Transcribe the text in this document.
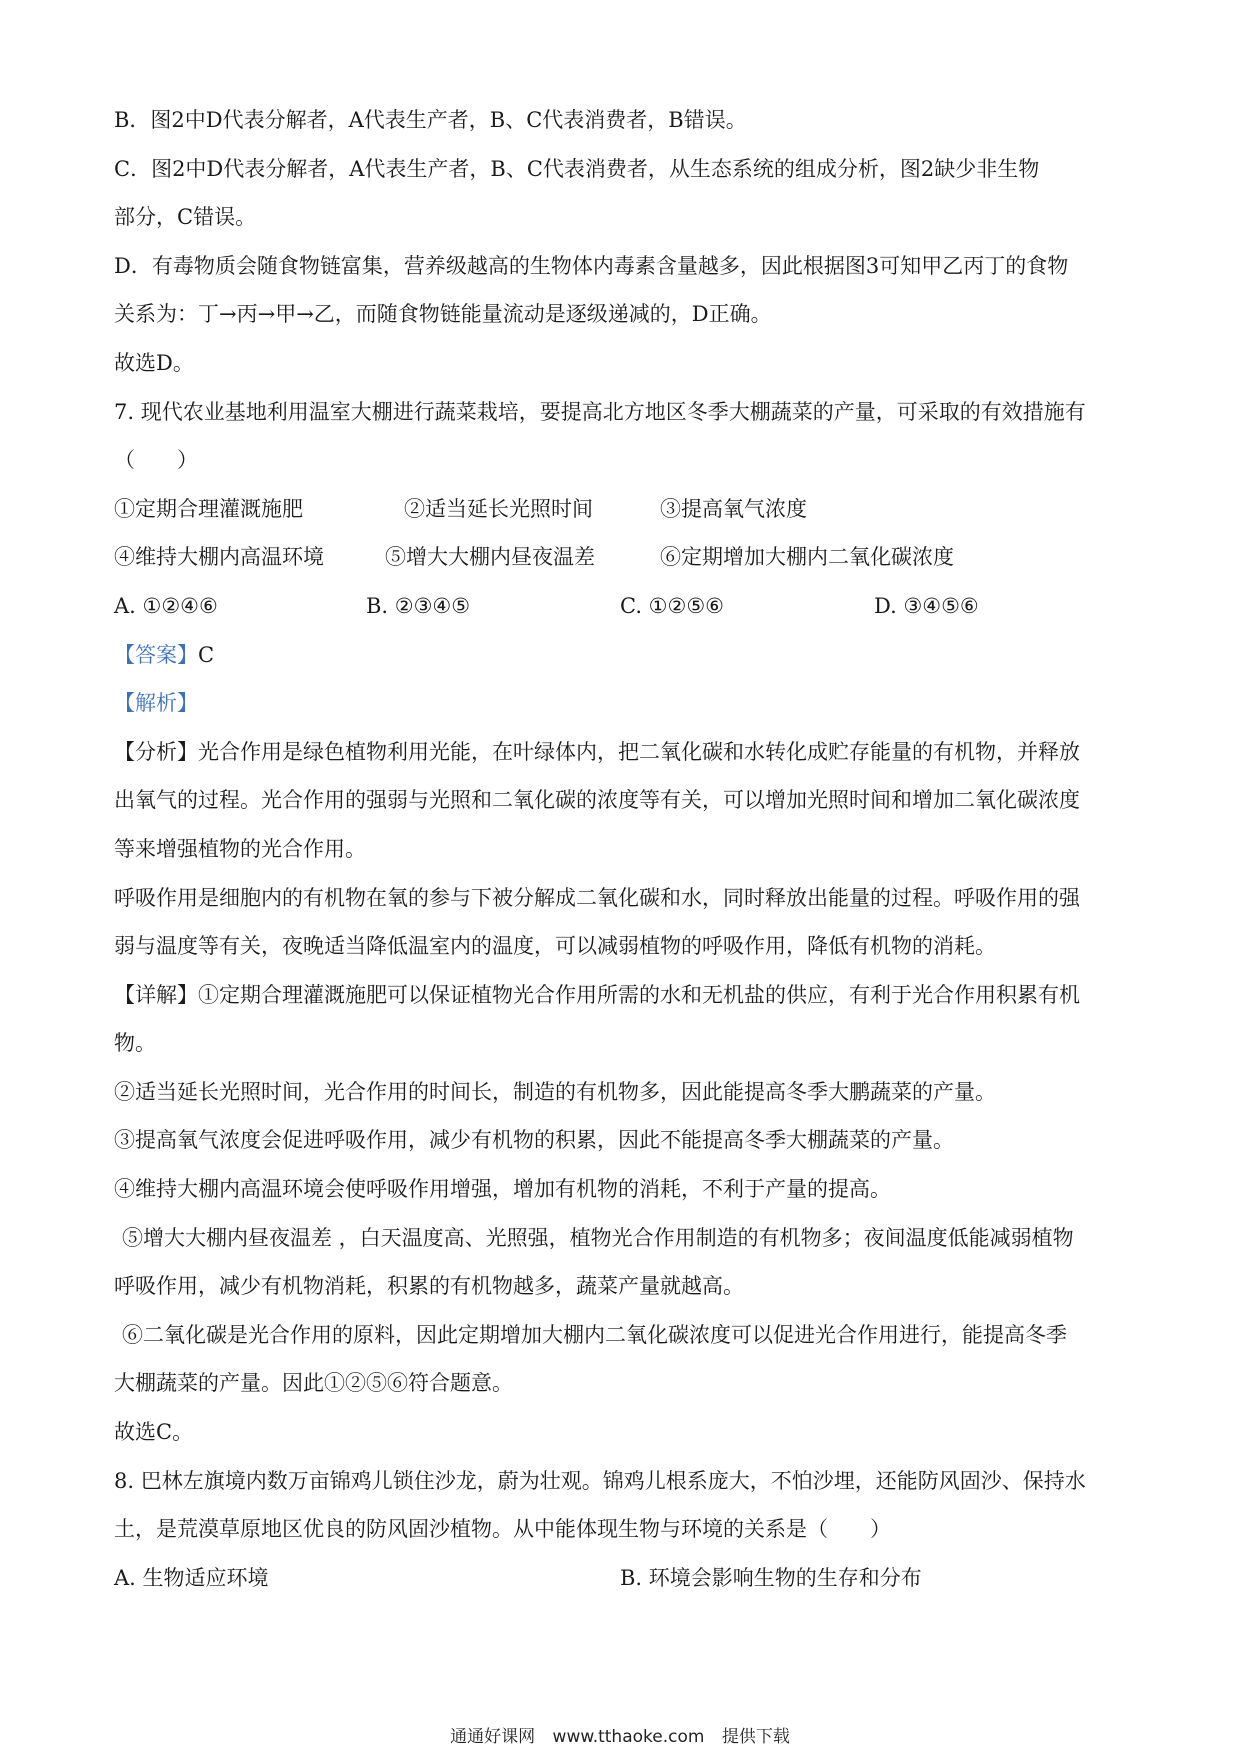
B．图2中D代表分解者，A代表生产者，B、C代表消费者，B错误。
C．图2中D代表分解者，A代表生产者，B、C代表消费者，从生态系统的组成分析，图2缺少非生物
部分，C错误。
D．有毒物质会随食物链富集，营养级越高的生物体内毒素含量越多，因此根据图3可知甲乙丙丁的食物
关系为：丁→丙→甲→乙，而随食物链能量流动是逐级递减的，D正确。
故选D。
7. 现代农业基地利用温室大棚进行蔬菜栽培，要提高北方地区冬季大棚蔬菜的产量，可采取的有效措施有
（　　）
①定期合理灌溉施肥	②适当延长光照时间	③提高氧气浓度
④维持大棚内高温环境	⑤增大大棚内昼夜温差	⑥定期增加大棚内二氧化碳浓度
A. ①②④⑥	B. ②③④⑤	C. ①②⑤⑥	D. ③④⑤⑥
【答案】C
【解析】
【分析】光合作用是绿色植物利用光能，在叶绿体内，把二氧化碳和水转化成贮存能量的有机物，并释放
出氧气的过程。光合作用的强弱与光照和二氧化碳的浓度等有关，可以增加光照时间和增加二氧化碳浓度
等来增强植物的光合作用。
呼吸作用是细胞内的有机物在氧的参与下被分解成二氧化碳和水，同时释放出能量的过程。呼吸作用的强
弱与温度等有关，夜晚适当降低温室内的温度，可以减弱植物的呼吸作用，降低有机物的消耗。
【详解】①定期合理灌溉施肥可以保证植物光合作用所需的水和无机盐的供应，有利于光合作用积累有机
物。
②适当延长光照时间，光合作用的时间长，制造的有机物多，因此能提高冬季大鹏蔬菜的产量。
③提高氧气浓度会促进呼吸作用，减少有机物的积累，因此不能提高冬季大棚蔬菜的产量。
④维持大棚内高温环境会使呼吸作用增强，增加有机物的消耗，不利于产量的提高。
⑤增大大棚内昼夜温差 ，白天温度高、光照强，植物光合作用制造的有机物多；夜间温度低能减弱植物
呼吸作用，减少有机物消耗，积累的有机物越多，蔬菜产量就越高。
⑥二氧化碳是光合作用的原料，因此定期增加大棚内二氧化碳浓度可以促进光合作用进行，能提高冬季
大棚蔬菜的产量。因此①②⑤⑥符合题意。
故选C。
8. 巴林左旗境内数万亩锦鸡儿锁住沙龙，蔚为壮观。锦鸡儿根系庞大，不怕沙埋，还能防风固沙、保持水
土，是荒漠草原地区优良的防风固沙植物。从中能体现生物与环境的关系是（　　）
A. 生物适应环境	B. 环境会影响生物的生存和分布
通通好课网 www.tthaoke.com 提供下载
